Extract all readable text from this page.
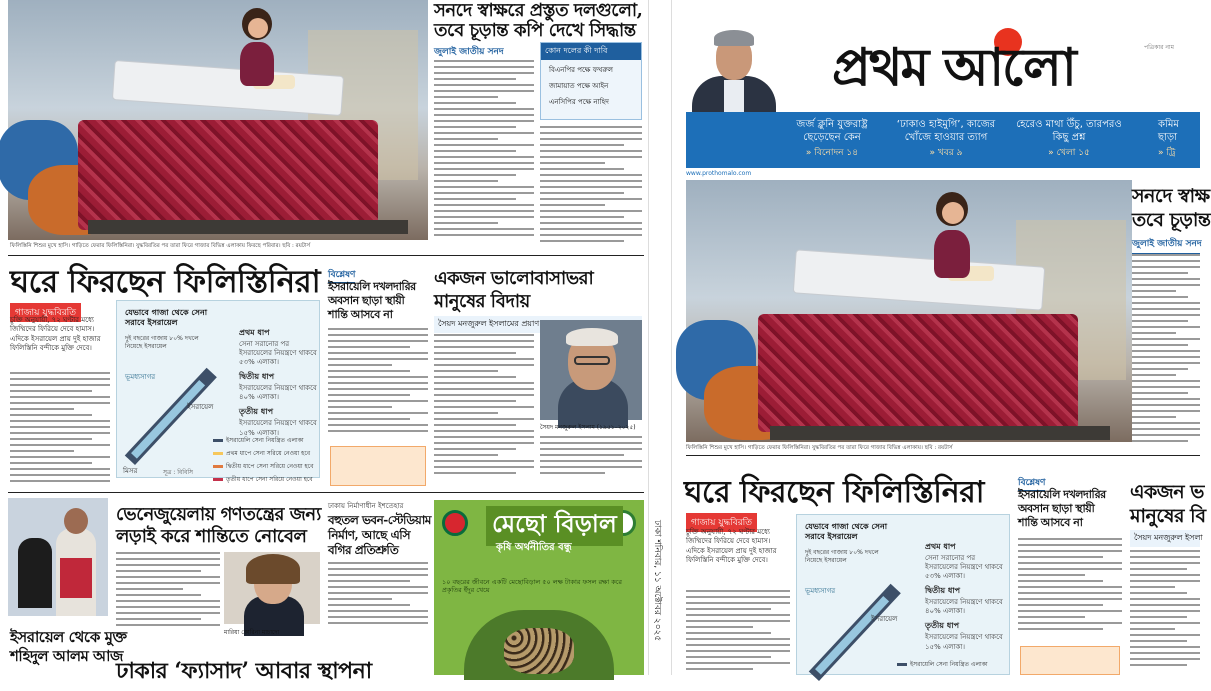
ফিলিস্তিনি শিশুর মুখে হাসি। গাড়িতে ফেরার ফিলিস্তিনিরা। যুদ্ধবিরতির পর তারা ফিরে গাজার বিভিন্ন এলাকায় ফিরছে পরিবার। ছবি : রয়টার্স
সনদে স্বাক্ষরে প্রস্তুত দলগুলো,
তবে চূড়ান্ত কপি দেখে সিদ্ধান্ত
জুলাই জাতীয় সনদ	কোন দলের কী দাবি
বিএনপির পক্ষে ফখরুল
জামায়াত পক্ষে আইন
এনসিপির পক্ষে নাহিদ
ঘরে ফিরছেন ফিলিস্তিনিরা
গাজায় যুদ্ধবিরতি
চুক্তি অনুযায়ী, ৭২ ঘণ্টার মধ্যে জিম্মিদের ফিরিয়ে দেবে হামাস। এদিকে ইসরায়েল প্রায় দুই হাজার ফিলিস্তিনি বন্দীকে মুক্তি দেবে।
যেভাবে গাজা থেকে সেনা
সরাবে ইসরায়েল
দুই বছরের গাজায় ৮০% দখলে নিয়েছে ইসরায়েল
ভূমধ্যসাগর
ইসরায়েল
মিসর
প্রথম ধাপ
সেনা সরানোর পর ইসরায়েলের নিয়ন্ত্রণে থাকবে ৫৩% এলাকা।
দ্বিতীয় ধাপ
ইসরায়েলের নিয়ন্ত্রণে থাকবে ৪০% এলাকা।
তৃতীয় ধাপ
ইসরায়েলের নিয়ন্ত্রণে থাকবে ১৫% এলাকা।
ইসরায়েলি সেনা নিয়ন্ত্রিত এলাকা
প্রথম ধাপে সেনা সরিয়ে নেওয়া হবে
দ্বিতীয় ধাপে সেনা সরিয়ে নেওয়া হবে
তৃতীয় ধাপে সেনা সরিয়ে নেওয়া হবে
সূত্র : বিবিসি
বিশ্লেষণ
ইসরায়েলি দখলদারির
অবসান ছাড়া স্থায়ী
শান্তি আসবে না
একজন ভালোবাসাভরা
মানুষের বিদায়
সৈয়দ মনজুরুল ইসলামের প্রয়াণ
সৈয়দ মনজুরুল ইসলাম (১৯৫১–২০২৫)
ইসরায়েল থেকে মুক্ত
শহিদুল আলম আজ
ভেনেজুয়েলায় গণতন্ত্রের জন্য
লড়াই করে শান্তিতে নোবেল
মারিয়া কোরিনা মাচাদো
ঢাকায় নির্মাণাধীন ইশতেহার
বহুতল ভবন-স্টেডিয়াম
নির্মাণ, আছে এসি
বগির প্রতিশ্রুতি
ঢাকার ‘ফ্যাসাদ’ আবার স্থাপনা
মেছো বিড়াল
কৃষি অর্থনীতির বন্ধু
১০ বছরের জীবনে একটি মেছোবিড়াল ৫০ লক্ষ টাকার ফসল রক্ষা করে প্রকৃতির ইঁদুর খেয়ে	ঢাকা শনিবার, ১১ অক্টোবর ২০২৫
প্রথম আলো	পত্রিকার নাম
জর্জ ক্লুনি যুক্তরাষ্ট্র ছেড়েছেন কেন
» বিনোদন ১৪
‘ঢাকাও হাইমুগি’, কাজের খোঁজে হাওয়ার ত্যাগ
» খবর ৯
হেরেও মাথা উঁচু, তারপরও কিছু প্রশ্ন
» খেলা ১৫
কমিম ছাড়া
» ট্রি
www.prothomalo.com
ফিলিস্তিনি শিশুর মুখে হাসি। গাড়িতে ফেরার ফিলিস্তিনিরা। যুদ্ধবিরতির পর তারা ফিরে গাজার বিভিন্ন এলাকায়। ছবি : রয়টার্স
সনদে স্বাক্ষ
তবে চূড়ান্ত
জুলাই জাতীয় সনদ
ঘরে ফিরছেন ফিলিস্তিনিরা
গাজায় যুদ্ধবিরতি
চুক্তি অনুযায়ী, ৭২ ঘণ্টার মধ্যে জিম্মিদের ফিরিয়ে দেবে হামাস। এদিকে ইসরায়েল প্রায় দুই হাজার ফিলিস্তিনি বন্দীকে মুক্তি দেবে।
যেভাবে গাজা থেকে সেনা
সরাবে ইসরায়েল
দুই বছরের গাজায় ৮০% দখলে নিয়েছে ইসরায়েল
ভূমধ্যসাগর
ইসরায়েল
প্রথম ধাপ
সেনা সরানোর পর ইসরায়েলের নিয়ন্ত্রণে থাকবে ৫৩% এলাকা।
দ্বিতীয় ধাপ
ইসরায়েলের নিয়ন্ত্রণে থাকবে ৪০% এলাকা।
তৃতীয় ধাপ
ইসরায়েলের নিয়ন্ত্রণে থাকবে ১৫% এলাকা।
ইসরায়েলি সেনা নিয়ন্ত্রিত এলাকা
বিশ্লেষণ
ইসরায়েলি দখলদারির
অবসান ছাড়া স্থায়ী
শান্তি আসবে না
একজন ভ
মানুষের বি
সৈয়দ মনজুরুল ইসলা
